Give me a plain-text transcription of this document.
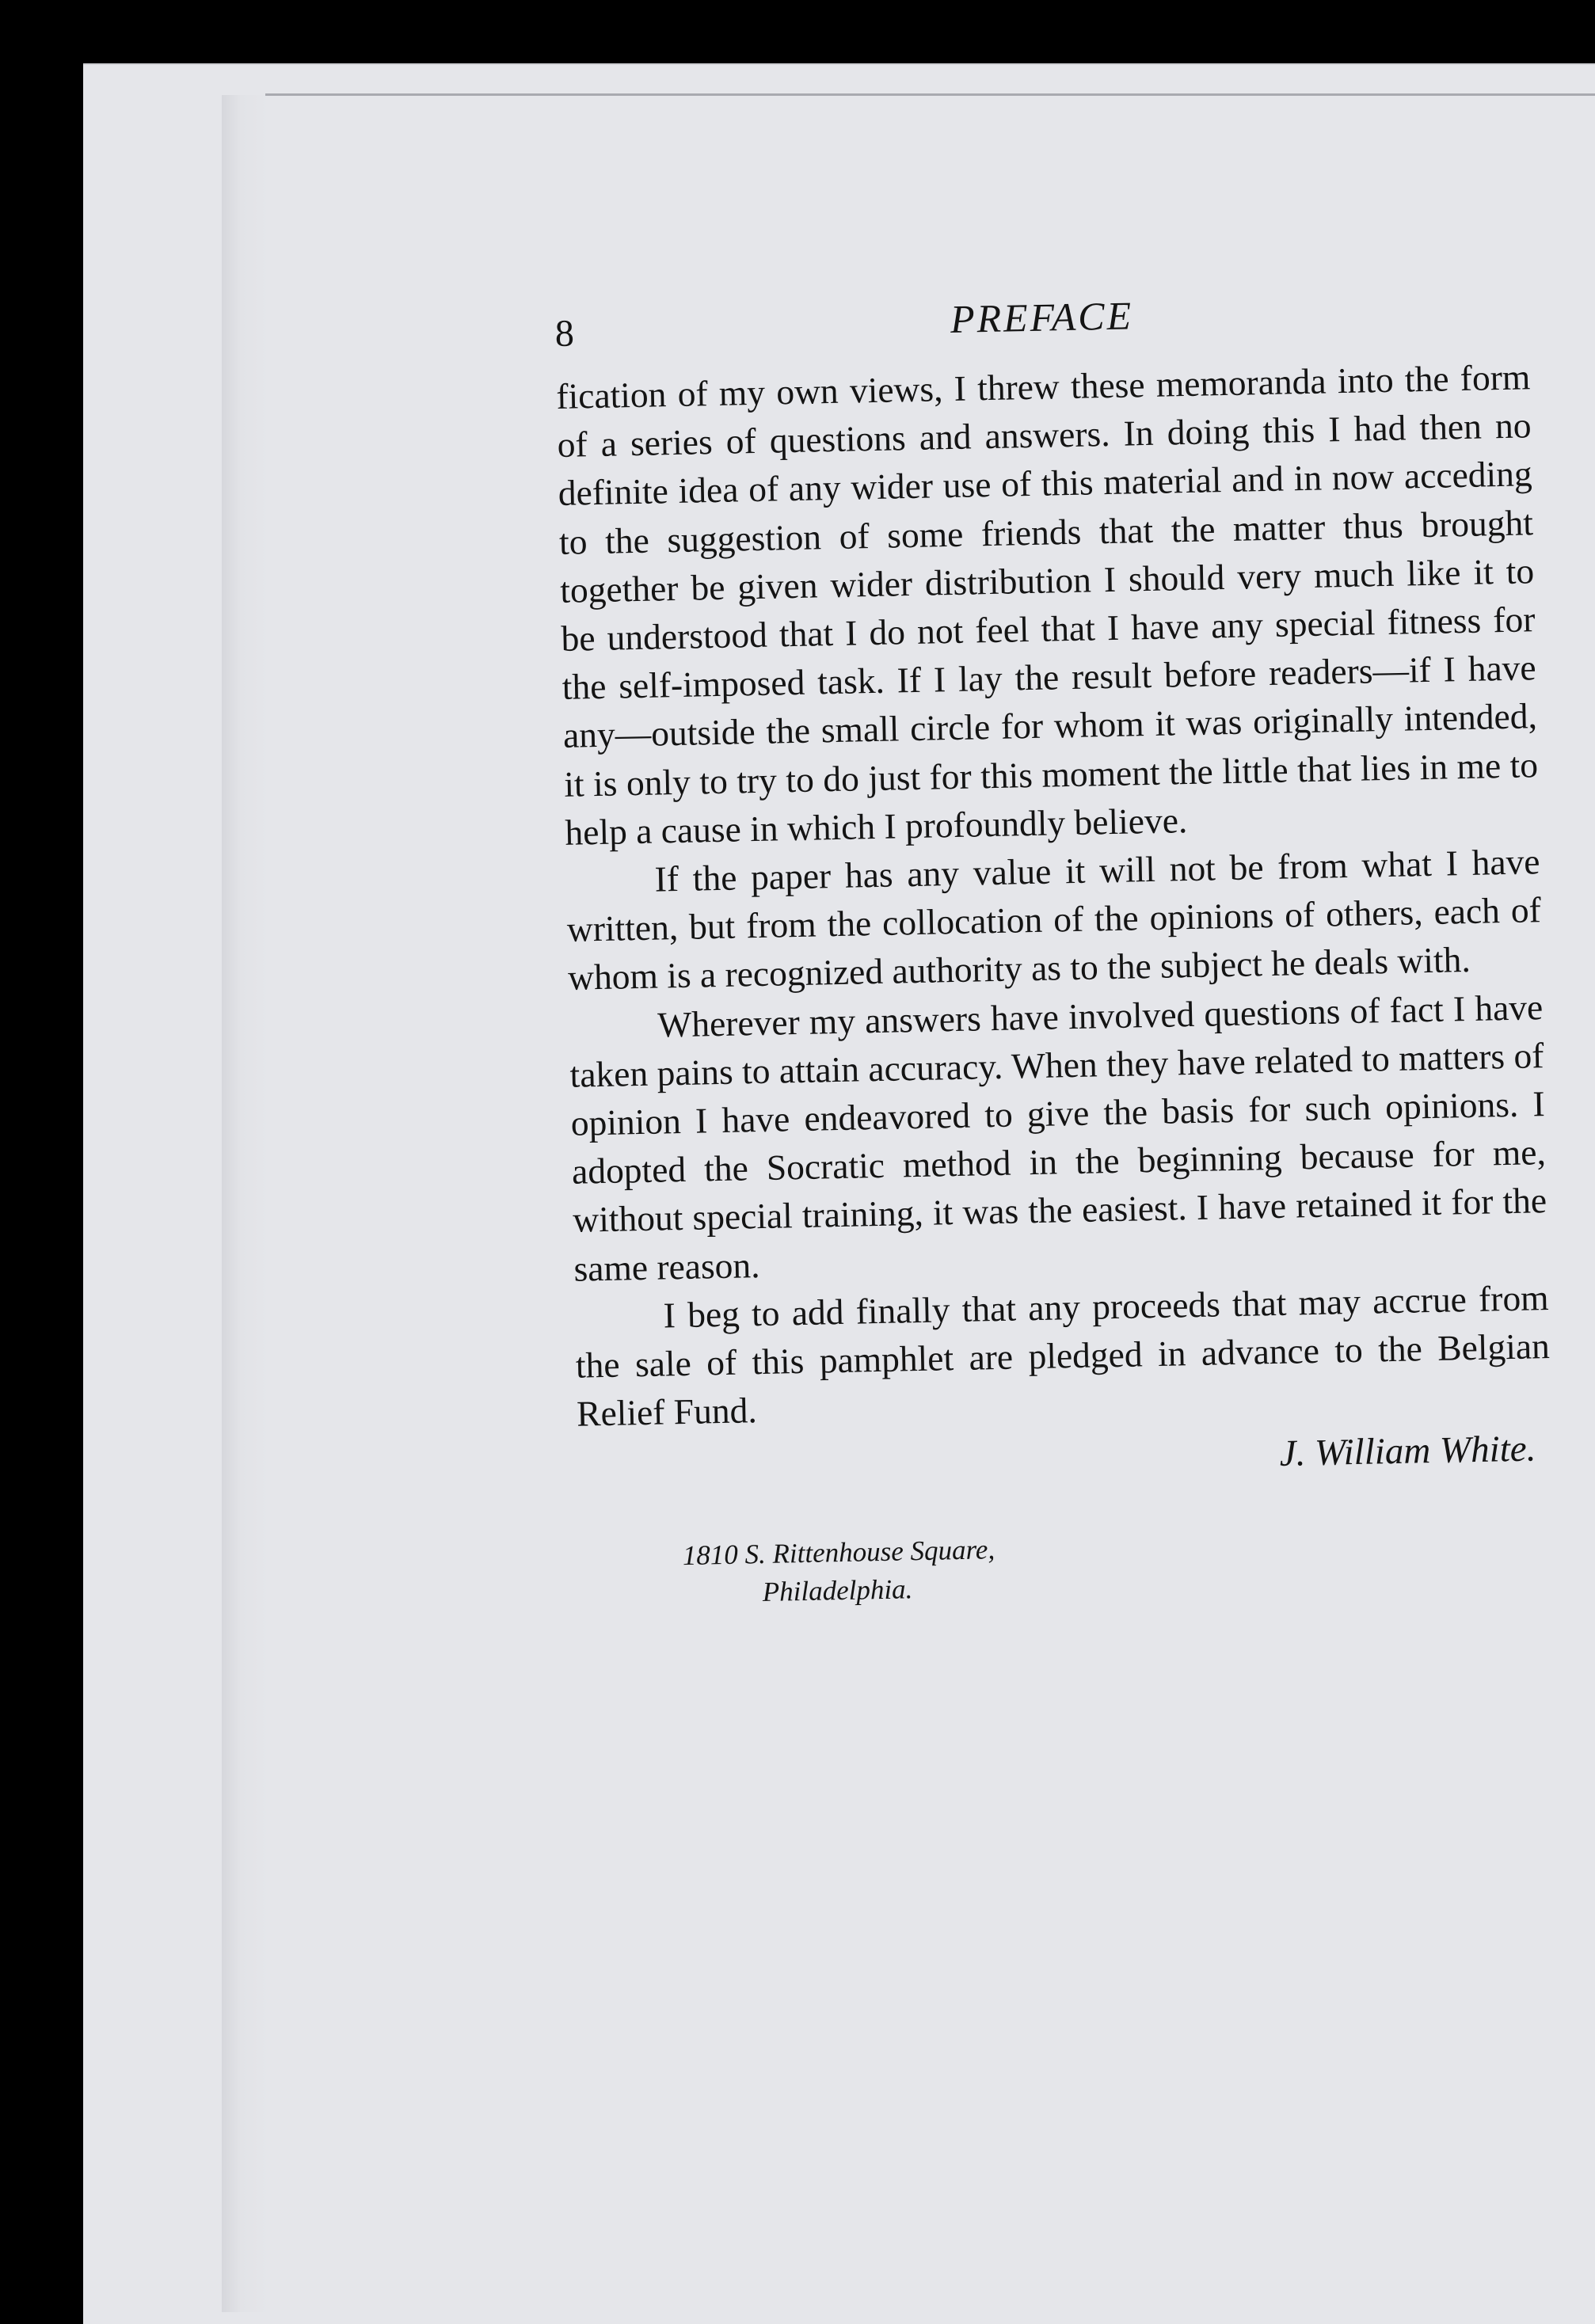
8	PREFACE

fication of my own views, I threw these memoranda into the form of a series of questions and answers. In doing this I had then no definite idea of any wider use of this material and in now acceding to the suggestion of some friends that the matter thus brought together be given wider distribution I should very much like it to be understood that I do not feel that I have any special fitness for the self-imposed task. If I lay the result before readers—if I have any—outside the small circle for whom it was originally intended, it is only to try to do just for this moment the little that lies in me to help a cause in which I profoundly believe.

If the paper has any value it will not be from what I have written, but from the collocation of the opinions of others, each of whom is a recognized authority as to the subject he deals with.

Wherever my answers have involved questions of fact I have taken pains to attain accuracy. When they have related to matters of opinion I have endeavored to give the basis for such opinions. I adopted the Socratic method in the beginning because for me, without special training, it was the easiest. I have retained it for the same reason.

I beg to add finally that any proceeds that may accrue from the sale of this pamphlet are pledged in advance to the Belgian Relief Fund.

J. William White.
1810 S. Rittenhouse Square,
Philadelphia.
